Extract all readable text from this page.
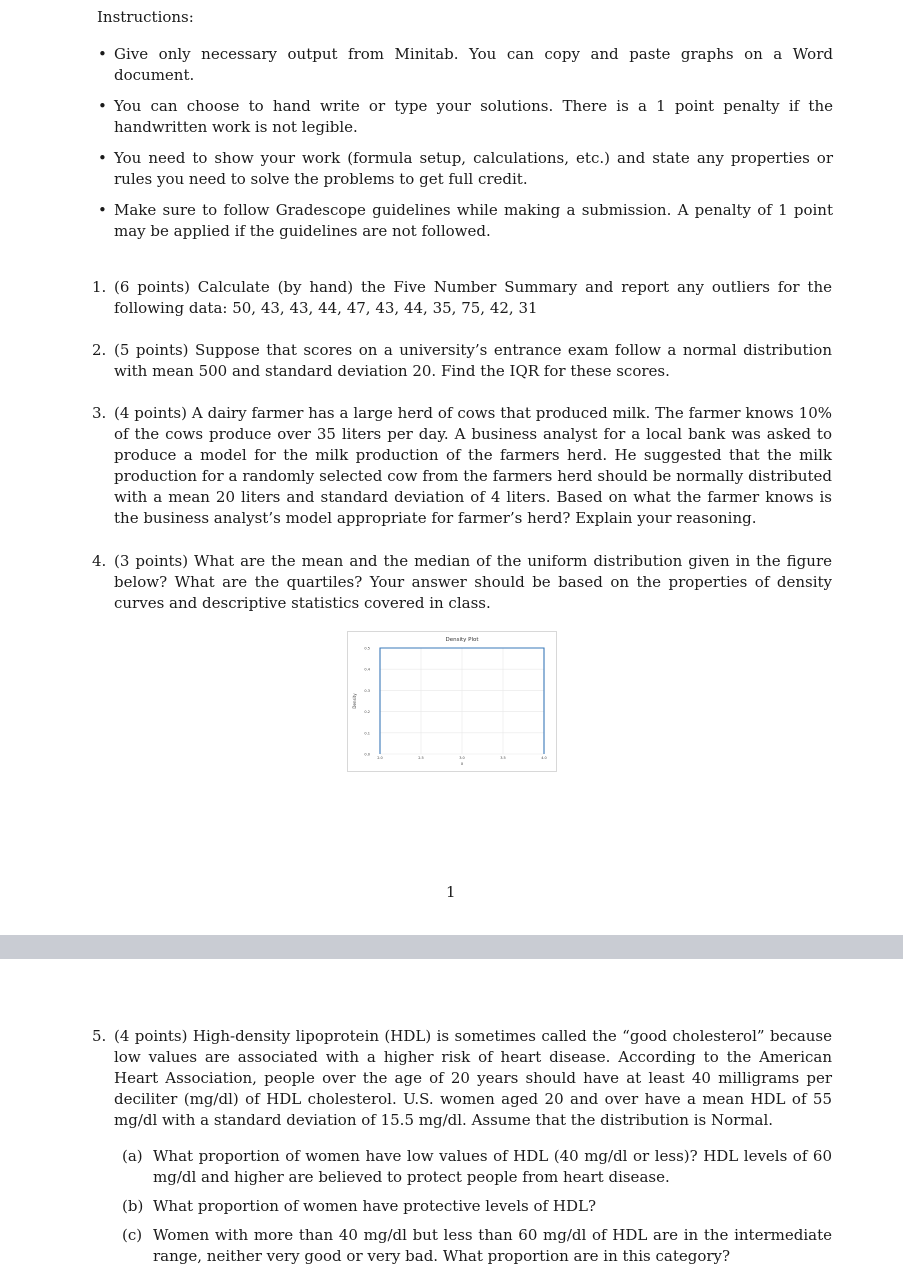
Instructions:
• Give only necessary output from Minitab. You can copy and paste graphs on a Word document.
• You can choose to hand write or type your solutions. There is a 1 point penalty if the handwritten work is not legible.
• You need to show your work (formula setup, calculations, etc.) and state any properties or rules you need to solve the problems to get full credit.
• Make sure to follow Gradescope guidelines while making a submission. A penalty of 1 point may be applied if the guidelines are not followed.
1. (6 points) Calculate (by hand) the Five Number Summary and report any outliers for the following data: 50, 43, 43, 44, 47, 43, 44, 35, 75, 42, 31
2. (5 points) Suppose that scores on a university’s entrance exam follow a normal distribution with mean 500 and standard deviation 20. Find the IQR for these scores.
3. (4 points) A dairy farmer has a large herd of cows that produced milk. The farmer knows 10% of the cows produce over 35 liters per day. A business analyst for a local bank was asked to produce a model for the milk production of the farmers herd. He suggested that the milk production for a randomly selected cow from the farmers herd should be normally distributed with a mean 20 liters and standard deviation of 4 liters. Based on what the farmer knows is the business analyst’s model appropriate for farmer’s herd? Explain your reasoning.
4. (3 points) What are the mean and the median of the uniform distribution given in the figure below? What are the quartiles? Your answer should be based on the properties of density curves and descriptive statistics covered in class.
Density Plot
0.0
0.1
0.2
0.3
0.4
0.5
2.0	2.5	3.0	3.5	4.0
x
Density
1
5. (4 points) High-density lipoprotein (HDL) is sometimes called the “good cholesterol” because low values are associated with a higher risk of heart disease. According to the American Heart Association, people over the age of 20 years should have at least 40 milligrams per deciliter (mg/dl) of HDL cholesterol. U.S. women aged 20 and over have a mean HDL of 55 mg/dl with a standard deviation of 15.5 mg/dl. Assume that the distribution is Normal.
(a) What proportion of women have low values of HDL (40 mg/dl or less)? HDL levels of 60 mg/dl and higher are believed to protect people from heart disease.
(b) What proportion of women have protective levels of HDL?
(c) Women with more than 40 mg/dl but less than 60 mg/dl of HDL are in the intermediate range, neither very good or very bad. What proportion are in this category?
